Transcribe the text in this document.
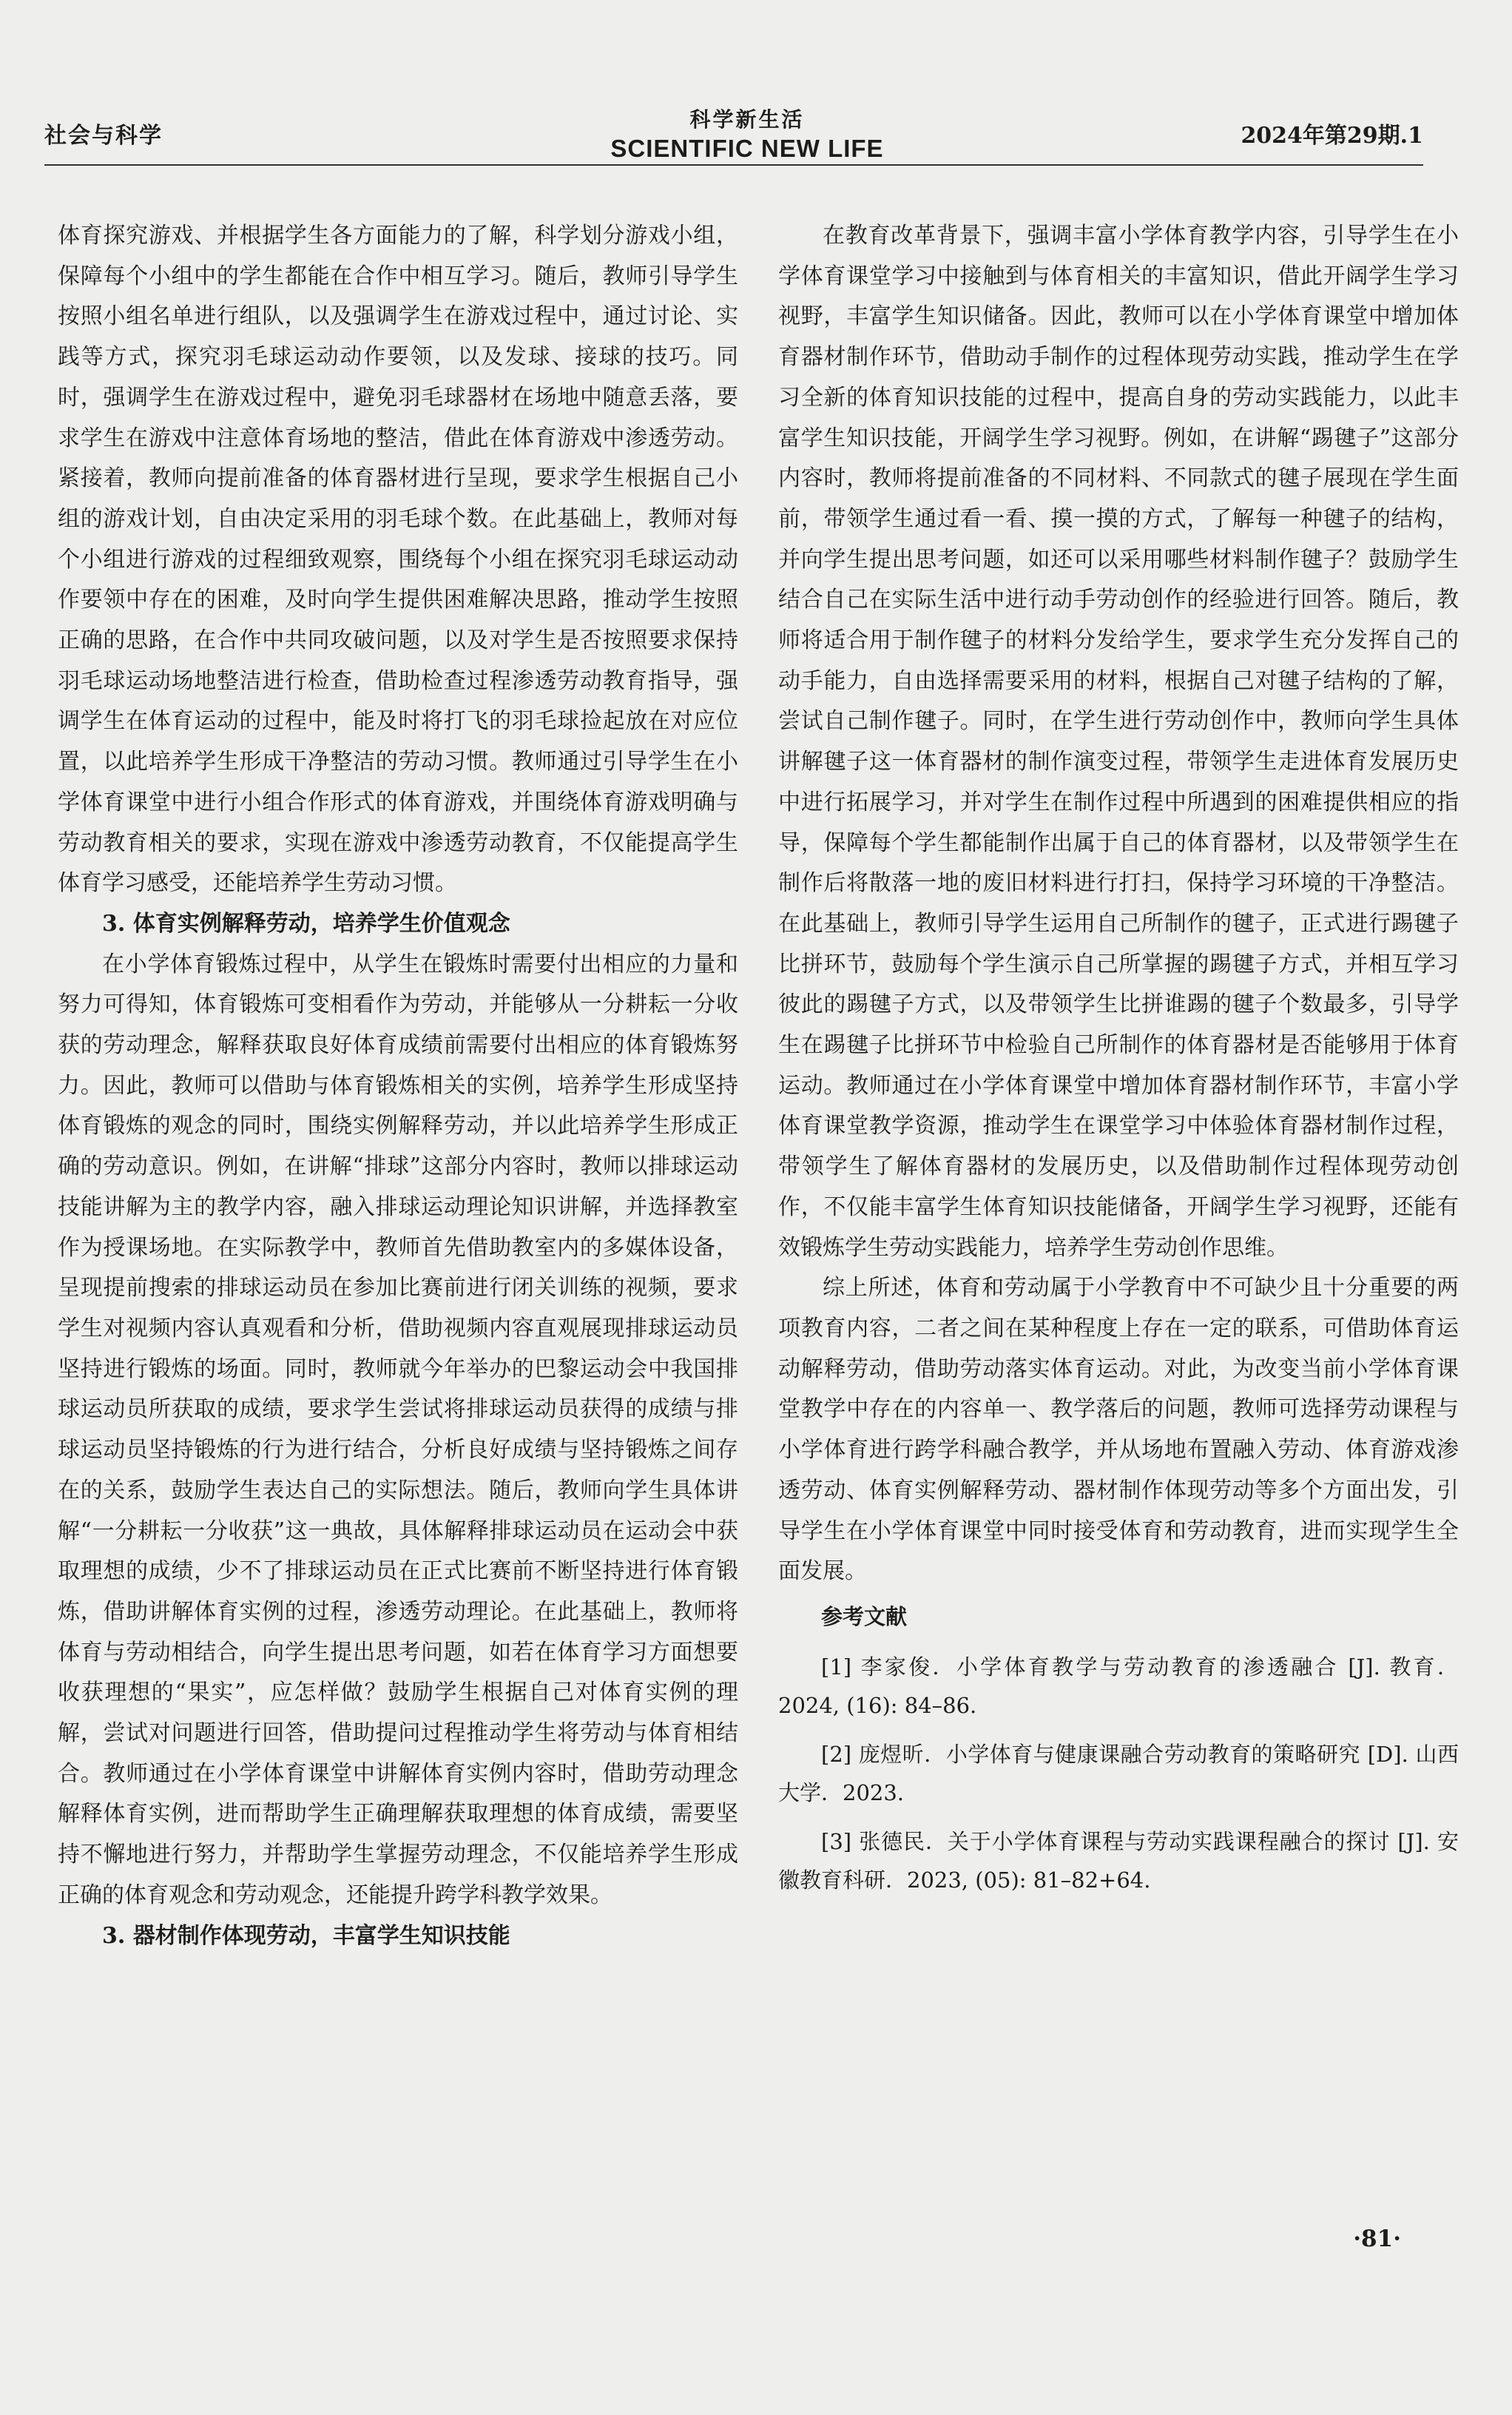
社会与科学
科学新生活
SCIENTIFIC NEW LIFE	2024年第29期.1

体育探究游戏、并根据学生各方面能力的了解，科学划分游戏小组，保障每个小组中的学生都能在合作中相互学习。随后，教师引导学生按照小组名单进行组队，以及强调学生在游戏过程中，通过讨论、实践等方式，探究羽毛球运动动作要领，以及发球、接球的技巧。同时，强调学生在游戏过程中，避免羽毛球器材在场地中随意丢落，要求学生在游戏中注意体育场地的整洁，借此在体育游戏中渗透劳动。紧接着，教师向提前准备的体育器材进行呈现，要求学生根据自己小组的游戏计划，自由决定采用的羽毛球个数。在此基础上，教师对每个小组进行游戏的过程细致观察，围绕每个小组在探究羽毛球运动动作要领中存在的困难，及时向学生提供困难解决思路，推动学生按照正确的思路，在合作中共同攻破问题，以及对学生是否按照要求保持羽毛球运动场地整洁进行检查，借助检查过程渗透劳动教育指导，强调学生在体育运动的过程中，能及时将打飞的羽毛球捡起放在对应位置，以此培养学生形成干净整洁的劳动习惯。教师通过引导学生在小学体育课堂中进行小组合作形式的体育游戏，并围绕体育游戏明确与劳动教育相关的要求，实现在游戏中渗透劳动教育，不仅能提高学生体育学习感受，还能培养学生劳动习惯。

3. 体育实例解释劳动，培养学生价值观念

在小学体育锻炼过程中，从学生在锻炼时需要付出相应的力量和努力可得知，体育锻炼可变相看作为劳动，并能够从一分耕耘一分收获的劳动理念，解释获取良好体育成绩前需要付出相应的体育锻炼努力。因此，教师可以借助与体育锻炼相关的实例，培养学生形成坚持体育锻炼的观念的同时，围绕实例解释劳动，并以此培养学生形成正确的劳动意识。例如，在讲解“排球”这部分内容时，教师以排球运动技能讲解为主的教学内容，融入排球运动理论知识讲解，并选择教室作为授课场地。在实际教学中，教师首先借助教室内的多媒体设备，呈现提前搜索的排球运动员在参加比赛前进行闭关训练的视频，要求学生对视频内容认真观看和分析，借助视频内容直观展现排球运动员坚持进行锻炼的场面。同时，教师就今年举办的巴黎运动会中我国排球运动员所获取的成绩，要求学生尝试将排球运动员获得的成绩与排球运动员坚持锻炼的行为进行结合，分析良好成绩与坚持锻炼之间存在的关系，鼓励学生表达自己的实际想法。随后，教师向学生具体讲解“一分耕耘一分收获”这一典故，具体解释排球运动员在运动会中获取理想的成绩，少不了排球运动员在正式比赛前不断坚持进行体育锻炼，借助讲解体育实例的过程，渗透劳动理论。在此基础上，教师将体育与劳动相结合，向学生提出思考问题，如若在体育学习方面想要收获理想的“果实”，应怎样做？鼓励学生根据自己对体育实例的理解，尝试对问题进行回答，借助提问过程推动学生将劳动与体育相结合。教师通过在小学体育课堂中讲解体育实例内容时，借助劳动理念解释体育实例，进而帮助学生正确理解获取理想的体育成绩，需要坚持不懈地进行努力，并帮助学生掌握劳动理念，不仅能培养学生形成正确的体育观念和劳动观念，还能提升跨学科教学效果。

3. 器材制作体现劳动，丰富学生知识技能

在教育改革背景下，强调丰富小学体育教学内容，引导学生在小学体育课堂学习中接触到与体育相关的丰富知识，借此开阔学生学习视野，丰富学生知识储备。因此，教师可以在小学体育课堂中增加体育器材制作环节，借助动手制作的过程体现劳动实践，推动学生在学习全新的体育知识技能的过程中，提高自身的劳动实践能力，以此丰富学生知识技能，开阔学生学习视野。例如，在讲解“踢毽子”这部分内容时，教师将提前准备的不同材料、不同款式的毽子展现在学生面前，带领学生通过看一看、摸一摸的方式，了解每一种毽子的结构，并向学生提出思考问题，如还可以采用哪些材料制作毽子？鼓励学生结合自己在实际生活中进行动手劳动创作的经验进行回答。随后，教师将适合用于制作毽子的材料分发给学生，要求学生充分发挥自己的动手能力，自由选择需要采用的材料，根据自己对毽子结构的了解，尝试自己制作毽子。同时，在学生进行劳动创作中，教师向学生具体讲解毽子这一体育器材的制作演变过程，带领学生走进体育发展历史中进行拓展学习，并对学生在制作过程中所遇到的困难提供相应的指导，保障每个学生都能制作出属于自己的体育器材，以及带领学生在制作后将散落一地的废旧材料进行打扫，保持学习环境的干净整洁。在此基础上，教师引导学生运用自己所制作的毽子，正式进行踢毽子比拼环节，鼓励每个学生演示自己所掌握的踢毽子方式，并相互学习彼此的踢毽子方式，以及带领学生比拼谁踢的毽子个数最多，引导学生在踢毽子比拼环节中检验自己所制作的体育器材是否能够用于体育运动。教师通过在小学体育课堂中增加体育器材制作环节，丰富小学体育课堂教学资源，推动学生在课堂学习中体验体育器材制作过程，带领学生了解体育器材的发展历史，以及借助制作过程体现劳动创作，不仅能丰富学生体育知识技能储备，开阔学生学习视野，还能有效锻炼学生劳动实践能力，培养学生劳动创作思维。

综上所述，体育和劳动属于小学教育中不可缺少且十分重要的两项教育内容，二者之间在某种程度上存在一定的联系，可借助体育运动解释劳动，借助劳动落实体育运动。对此，为改变当前小学体育课堂教学中存在的内容单一、教学落后的问题，教师可选择劳动课程与小学体育进行跨学科融合教学，并从场地布置融入劳动、体育游戏渗透劳动、体育实例解释劳动、器材制作体现劳动等多个方面出发，引导学生在小学体育课堂中同时接受体育和劳动教育，进而实现学生全面发展。

参考文献

[1] 李家俊．小学体育教学与劳动教育的渗透融合 [J]. 教育．2024, (16): 84–86.

[2] 庞煜昕．小学体育与健康课融合劳动教育的策略研究 [D]. 山西大学．2023.

[3] 张德民．关于小学体育课程与劳动实践课程融合的探讨 [J]. 安徽教育科研．2023, (05): 81–82+64.

·81·
